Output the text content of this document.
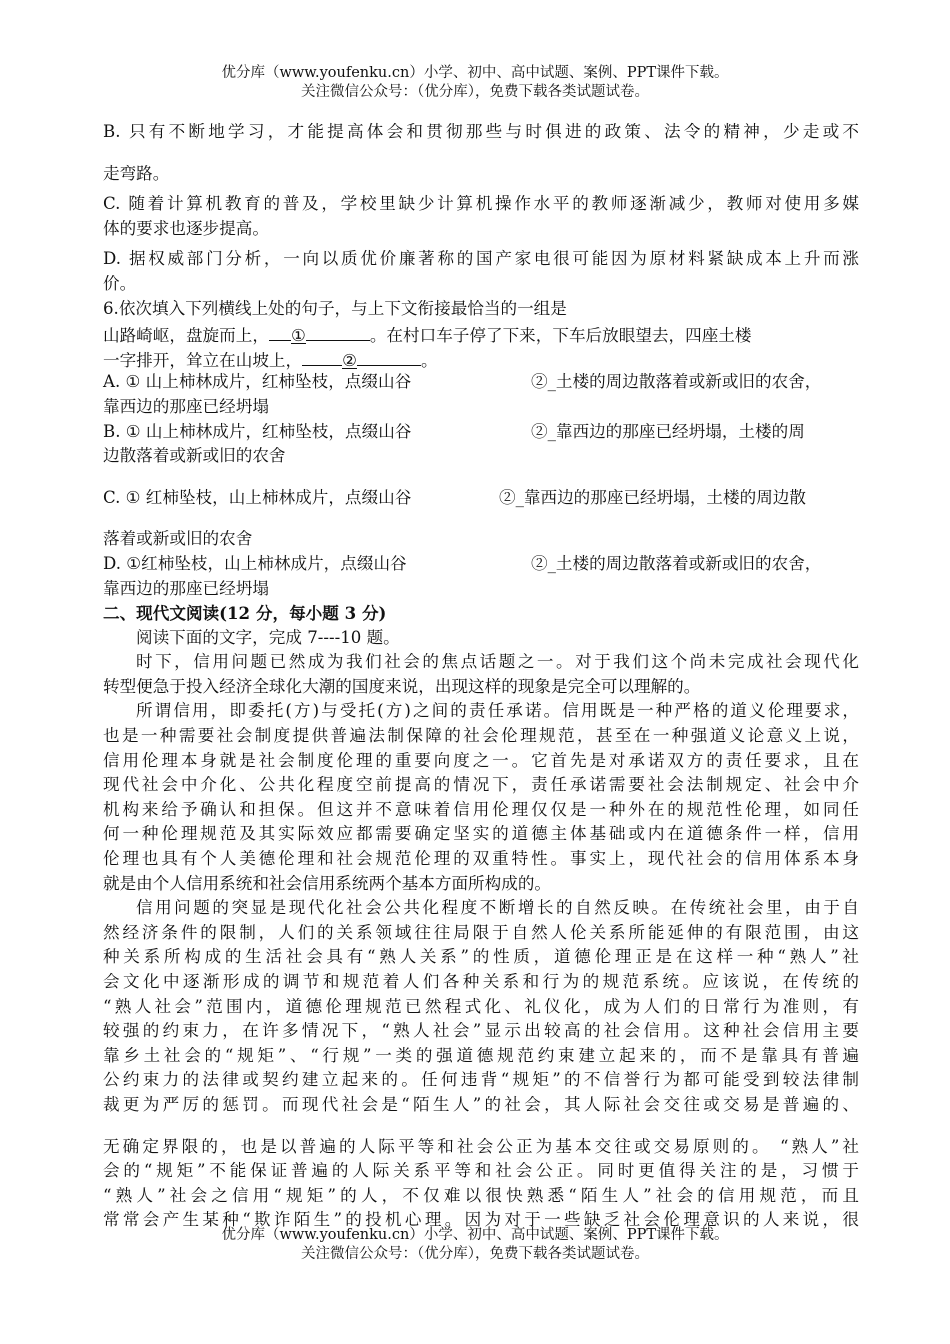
优分库（www.youfenku.cn）小学、初中、高中试题、案例、PPT课件下载。
关注微信公众号：（优分库），免费下载各类试题试卷。
B. 只有不断地学习，才能提高体会和贯彻那些与时俱进的政策、法令的精神，少走或不
走弯路。
C. 随着计算机教育的普及，学校里缺少计算机操作水平的教师逐渐减少，教师对使用多媒
体的要求也逐步提高。
D. 据权威部门分析，一向以质优价廉著称的国产家电很可能因为原材料紧缺成本上升而涨
价。
6.依次填入下列横线上处的句子，与上下文衔接最恰当的一组是
山路崎岖，盘旋而上， ①	。在村口车子停了下来，下车后放眼望去，四座土楼
一字排开，耸立在山坡上， ②	。
A. ① 山上柿林成片，红柿坠枝，点缀山谷	②_土楼的周边散落着或新或旧的农舍，
靠西边的那座已经坍塌
B. ① 山上柿林成片，红柿坠枝，点缀山谷	②_靠西边的那座已经坍塌，土楼的周
边散落着或新或旧的农舍
C. ① 红柿坠枝，山上柿林成片，点缀山谷	②_靠西边的那座已经坍塌，土楼的周边散
落着或新或旧的农舍
D. ①红柿坠枝，山上柿林成片，点缀山谷	②_土楼的周边散落着或新或旧的农舍，
靠西边的那座已经坍塌
二、现代文阅读(12 分，每小题 3 分)
阅读下面的文字，完成 7----10 题。
时下，信用问题已然成为我们社会的焦点话题之一。对于我们这个尚未完成社会现代化
转型便急于投入经济全球化大潮的国度来说，出现这样的现象是完全可以理解的。
所谓信用，即委托(方)与受托(方)之间的责任承诺。信用既是一种严格的道义伦理要求，
也是一种需要社会制度提供普遍法制保障的社会伦理规范，甚至在一种强道义论意义上说，
信用伦理本身就是社会制度伦理的重要向度之一。它首先是对承诺双方的责任要求，且在
现代社会中介化、公共化程度空前提高的情况下，责任承诺需要社会法制规定、社会中介
机构来给予确认和担保。但这并不意味着信用伦理仅仅是一种外在的规范性伦理，如同任
何一种伦理规范及其实际效应都需要确定坚实的道德主体基础或内在道德条件一样，信用
伦理也具有个人美德伦理和社会规范伦理的双重特性。事实上，现代社会的信用体系本身
就是由个人信用系统和社会信用系统两个基本方面所构成的。
信用问题的突显是现代化社会公共化程度不断增长的自然反映。在传统社会里，由于自
然经济条件的限制，人们的关系领域往往局限于自然人伦关系所能延伸的有限范围，由这
种关系所构成的生活社会具有“熟人关系”的性质，道德伦理正是在这样一种“熟人”社
会文化中逐渐形成的调节和规范着人们各种关系和行为的规范系统。应该说，在传统的
“熟人社会”范围内，道德伦理规范已然程式化、礼仪化，成为人们的日常行为准则，有
较强的约束力，在许多情况下，“熟人社会”显示出较高的社会信用。这种社会信用主要
靠乡土社会的“规矩”、“行规”一类的强道德规范约束建立起来的，而不是靠具有普遍
公约束力的法律或契约建立起来的。任何违背“规矩”的不信誉行为都可能受到较法律制
裁更为严厉的惩罚。而现代社会是“陌生人”的社会，其人际社会交往或交易是普遍的、
无确定界限的，也是以普遍的人际平等和社会公正为基本交往或交易原则的。 “熟人”社
会的“规矩”不能保证普遍的人际关系平等和社会公正。同时更值得关注的是，习惯于
“熟人”社会之信用“规矩”的人，不仅难以很快熟悉“陌生人”社会的信用规范，而且
常常会产生某种“欺诈陌生”的投机心理。因为对于一些缺乏社会伦理意识的人来说，很
优分库（www.youfenku.cn）小学、初中、高中试题、案例、PPT课件下载。
关注微信公众号：（优分库），免费下载各类试题试卷。
